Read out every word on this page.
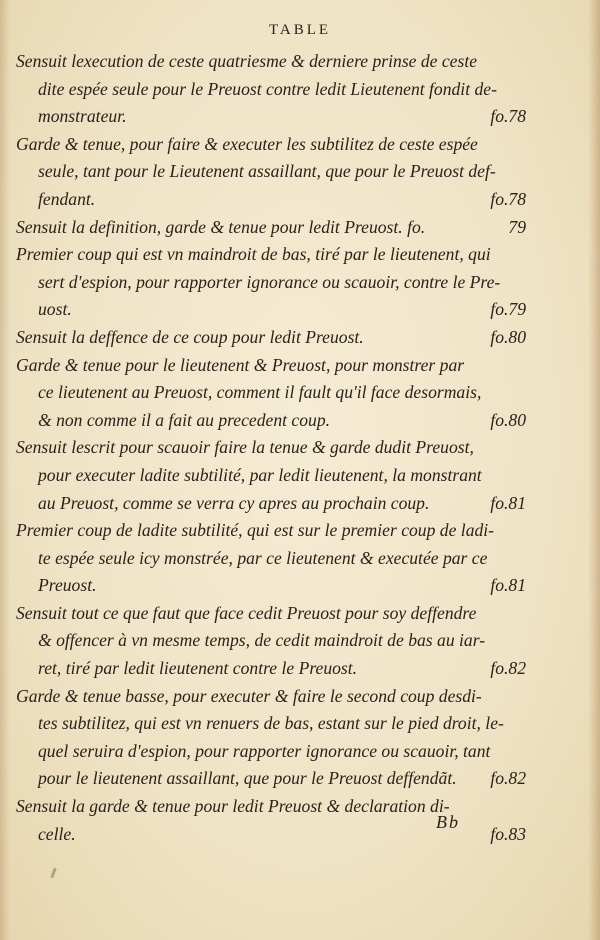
TABLE
Sensuit lexecution de ceste quatriesme & derniere prinse de ceste
dite espée seule pour le Preuost contre ledit Lieutenent fondit de-
monstrateur.	fo.78
Garde & tenue, pour faire & executer les subtilitez de ceste espée
seule, tant pour le Lieutenent assaillant, que pour le Preuost def-
fendant.	fo.78
Sensuit la definition, garde & tenue pour ledit Preuost. fo.	79
Premier coup qui est vn maindroit de bas, tiré par le lieutenent, qui
sert d'espion, pour rapporter ignorance ou scauoir, contre le Pre-
uost.	fo.79
Sensuit la deffence de ce coup pour ledit Preuost.	fo.80
Garde & tenue pour le lieutenent & Preuost, pour monstrer par
ce lieutenent au Preuost, comment il fault qu'il face desormais,
& non comme il a fait au precedent coup.	fo.80
Sensuit lescrit pour scauoir faire la tenue & garde dudit Preuost,
pour executer ladite subtilité, par ledit lieutenent, la monstrant
au Preuost, comme se verra cy apres au prochain coup.	fo.81
Premier coup de ladite subtilité, qui est sur le premier coup de ladi-
te espée seule icy monstrée, par ce lieutenent & executée par ce
Preuost.	fo.81
Sensuit tout ce que faut que face cedit Preuost pour soy deffendre
& offencer à vn mesme temps, de cedit maindroit de bas au iar-
ret, tiré par ledit lieutenent contre le Preuost.	fo.82
Garde & tenue basse, pour executer & faire le second coup desdi-
tes subtilitez, qui est vn renuers de bas, estant sur le pied droit, le-
quel seruira d'espion, pour rapporter ignorance ou scauoir, tant
pour le lieutenent assaillant, que pour le Preuost deffendãt. fo.82
Sensuit la garde & tenue pour ledit Preuost & declaration di-
celle.	fo.83
Bb
